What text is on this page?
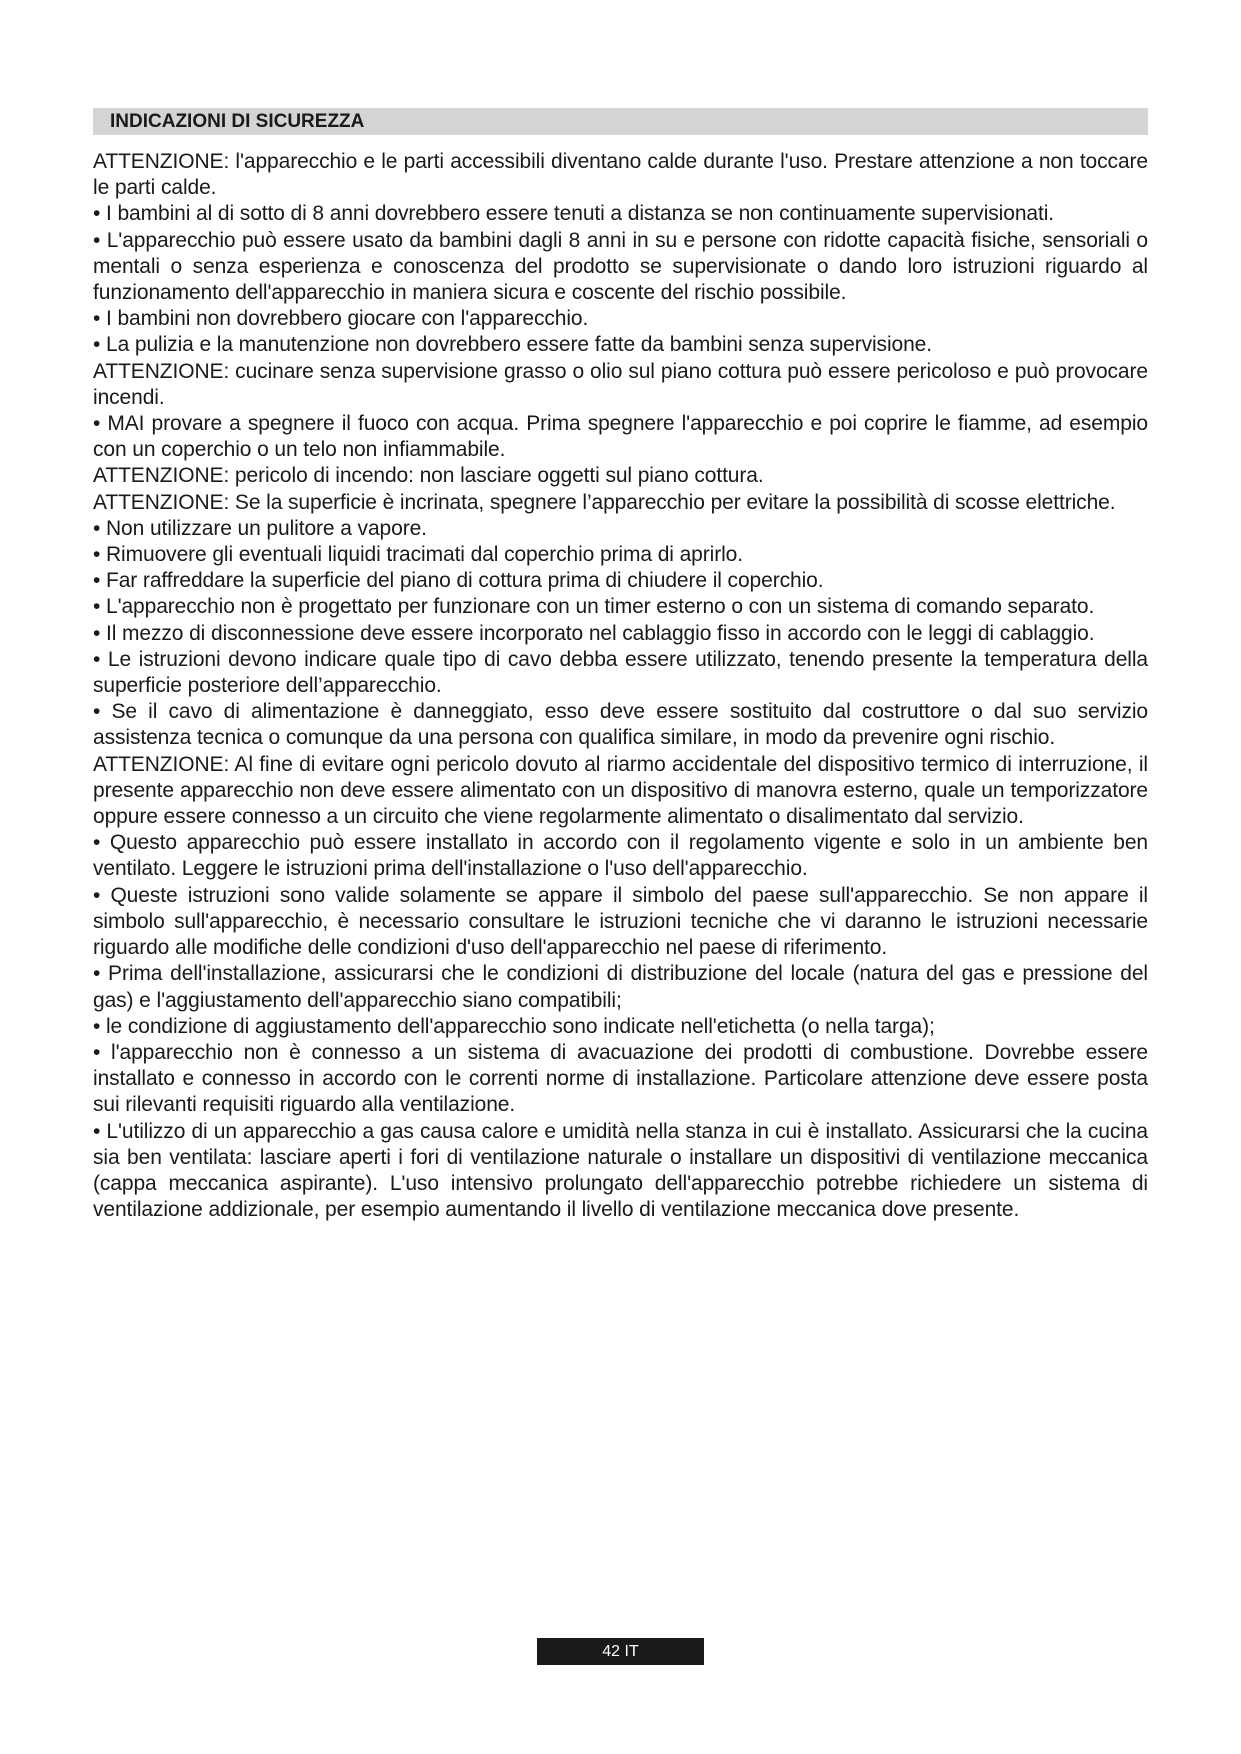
INDICAZIONI DI SICUREZZA

ATTENZIONE: l'apparecchio e le parti accessibili diventano calde durante l'uso. Prestare attenzione a non toccare le parti calde.

• I bambini al di sotto di 8 anni dovrebbero essere tenuti a distanza se non continuamente supervisionati.

• L'apparecchio può essere usato da bambini dagli 8 anni in su e persone con ridotte capacità fisiche, sensoriali o mentali o senza esperienza e conoscenza del prodotto se supervisionate o dando loro istruzioni riguardo al funzionamento dell'apparecchio in maniera sicura e coscente del rischio possibile.

• I bambini non dovrebbero giocare con l'apparecchio.

• La pulizia e la manutenzione non dovrebbero essere fatte da bambini senza supervisione.

ATTENZIONE: cucinare senza supervisione grasso o olio sul piano cottura può essere pericoloso e può provocare incendi.

• MAI provare a spegnere il fuoco con acqua. Prima spegnere l'apparecchio e poi coprire le fiamme, ad esempio con un coperchio o un telo non infiammabile.

ATTENZIONE: pericolo di incendo: non lasciare oggetti sul piano cottura.

ATTENZIONE: Se la superficie è incrinata, spegnere l’apparecchio per evitare la possibilità di scosse elettriche.

• Non utilizzare un pulitore a vapore.

• Rimuovere gli eventuali liquidi tracimati dal coperchio prima di aprirlo.

• Far raffreddare la superficie del piano di cottura prima di chiudere il coperchio.

• L'apparecchio non è progettato per funzionare con un timer esterno o con un sistema di comando separato.

• Il mezzo di disconnessione deve essere incorporato nel cablaggio fisso in accordo con le leggi di cablaggio.

• Le istruzioni devono indicare quale tipo di cavo debba essere utilizzato, tenendo presente la temperatura della superficie posteriore dell’apparecchio.

• Se il cavo di alimentazione è danneggiato, esso deve essere sostituito dal costruttore o dal suo servizio assistenza tecnica o comunque da una persona con qualifica similare, in modo da prevenire ogni rischio.

ATTENZIONE: Al fine di evitare ogni pericolo dovuto al riarmo accidentale del dispositivo termico di interruzione, il presente apparecchio non deve essere alimentato con un dispositivo di manovra esterno, quale un temporizzatore oppure essere connesso a un circuito che viene regolarmente alimentato o disalimentato dal servizio.

• Questo apparecchio può essere installato in accordo con il regolamento vigente e solo in un ambiente ben ventilato. Leggere le istruzioni prima dell'installazione o l'uso dell'apparecchio.

• Queste istruzioni sono valide solamente se appare il simbolo del paese sull'apparecchio. Se non appare il simbolo sull'apparecchio, è necessario consultare le istruzioni tecniche che vi daranno le istruzioni necessarie riguardo alle modifiche delle condizioni d'uso dell'apparecchio nel paese di riferimento.

• Prima dell'installazione, assicurarsi che le condizioni di distribuzione del locale (natura del gas e pressione del gas) e l'aggiustamento dell'apparecchio siano compatibili;

• le condizione di aggiustamento dell'apparecchio sono indicate nell'etichetta (o nella targa);

• l'apparecchio non è connesso a un sistema di avacuazione dei prodotti di combustione. Dovrebbe essere installato e connesso in accordo con le correnti norme di installazione. Particolare attenzione deve essere posta sui rilevanti requisiti riguardo alla ventilazione.

• L'utilizzo di un apparecchio a gas causa calore e umidità nella stanza in cui è installato. Assicurarsi che la cucina sia ben ventilata: lasciare aperti i fori di ventilazione naturale o installare un dispositivi di ventilazione meccanica (cappa meccanica aspirante). L'uso intensivo prolungato dell'apparecchio potrebbe richiedere un sistema di ventilazione addizionale, per esempio aumentando il livello di ventilazione meccanica dove presente.

42 IT
